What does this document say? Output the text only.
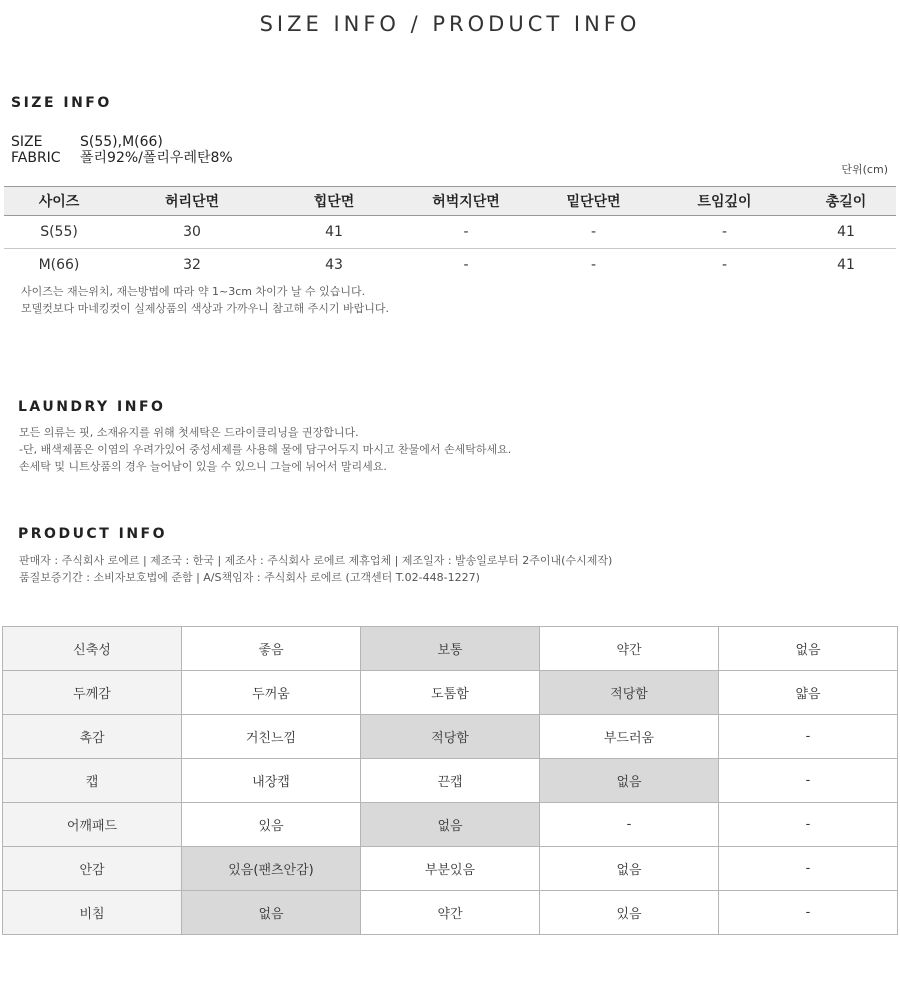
SIZE INFO / PRODUCT INFO
SIZE INFO
SIZE	S(55),M(66)
FABRIC	폴리92%/폴리우레탄8%
단위(cm)
사이즈	허리단면	힙단면	허벅지단면	밑단단면	트임깊이	총길이
S(55)	30	41	-	-	-	41
M(66)	32	43	-	-	-	41
사이즈는 재는위치, 재는방법에 따라 약 1~3cm 차이가 날 수 있습니다.
모델컷보다 마네킹컷이 실제상품의 색상과 가까우니 참고해 주시기 바랍니다.
LAUNDRY INFO
모든 의류는 핏, 소재유지를 위해 첫세탁은 드라이클리닝을 권장합니다.
-단, 배색제품은 이염의 우려가있어 중성세제를 사용해 물에 담구어두지 마시고 찬물에서 손세탁하세요.
손세탁 및 니트상품의 경우 늘어남이 있을 수 있으니 그늘에 뉘어서 말리세요.
PRODUCT INFO
판매자 : 주식회사 로에르 | 제조국 : 한국 | 제조사 : 주식회사 로에르 제휴업체 | 제조일자 : 발송일로부터 2주이내(수시제작)
품질보증기간 : 소비자보호법에 준함 | A/S책임자 : 주식회사 로에르 (고객센터 T.02-448-1227)
신축성	좋음	보통	약간	없음
두께감	두꺼움	도톰함	적당함	얇음
촉감	거친느낌	적당함	부드러움	-
캡	내장캡	끈캡	없음	-
어깨패드	있음	없음	-	-
안감	있음(팬츠안감)	부분있음	없음	-
비침	없음	약간	있음	-
